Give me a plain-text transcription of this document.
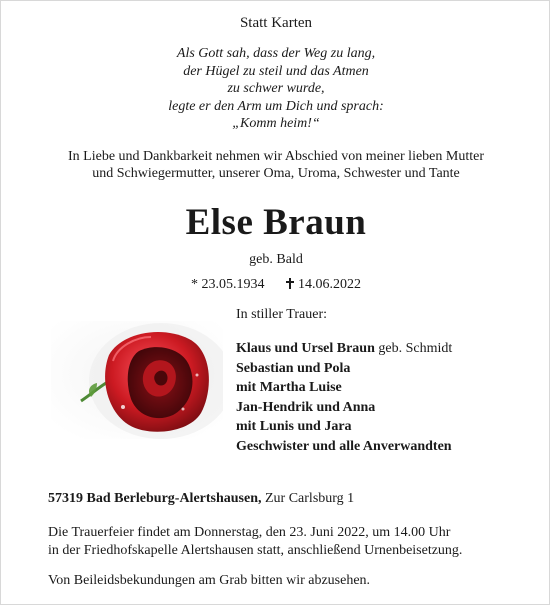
Statt Karten
Als Gott sah, dass der Weg zu lang,
der Hügel zu steil und das Atmen
zu schwer wurde,
legte er den Arm um Dich und sprach:
„Komm heim!“
In Liebe und Dankbarkeit nehmen wir Abschied von meiner lieben Mutter
und Schwiegermutter, unserer Oma, Uroma, Schwester und Tante
Else Braun
geb. Bald
* 23.05.1934 14.06.2022
In stiller Trauer:
Klaus und Ursel Braun geb. Schmidt
Sebastian und Pola
mit Martha Luise
Jan-Hendrik und Anna
mit Lunis und Jara
Geschwister und alle Anverwandten
57319 Bad Berleburg-Alertshausen, Zur Carlsburg 1
Die Trauerfeier findet am Donnerstag, den 23. Juni 2022, um 14.00 Uhr
in der Friedhofskapelle Alertshausen statt, anschließend Urnenbeisetzung.
Von Beileidsbekundungen am Grab bitten wir abzusehen.
